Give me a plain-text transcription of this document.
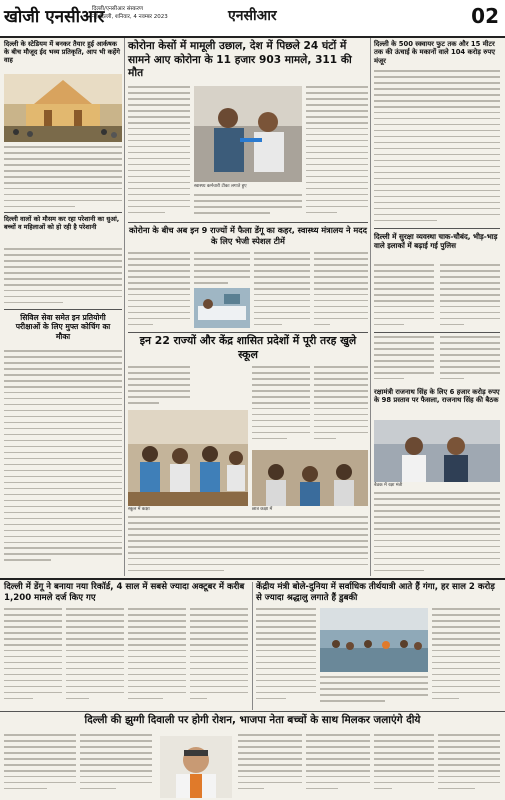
खोजी एनसीआर
दिल्ली/एनसीआर संस्करण
नई दिल्ली, शनिवार, 4 नवम्बर 2023	एनसीआर	02
दिल्ली के स्टेडियम में बनकर तैयार हुई आर्कषक के बीच मौजूद ईद भव्य प्रतिकृति, आप भी कहेंगे वाह
दिल्ली वालों को मौसम कर रहा परेशानी का धुआं, बच्चों व महिलाओं को हो रही है परेशानी
सिविल सेवा समेत इन प्रतियोगी परीक्षाओं के लिए मुफ्त कोचिंग का मौका
कोरोना केसों में मामूली उछाल, देश में पिछले 24 घंटों में सामने आए कोरोना के 11 हजार 903 मामले, 311 की मौत
स्वास्थ्य कर्मचारी टीका लगाते हुए
कोरोना के बीच अब इन 9 राज्यों में फैला डेंगू का कहर, स्वास्थ्य मंत्रालय ने मदद के लिए भेजी स्पेशल टीमें
इन 22 राज्यों और केंद्र शासित प्रदेशों में पूरी तरह खुले स्कूल
स्कूल में कक्षा	छात्र कक्षा में
दिल्ली के 500 स्क्वायर फुट तक और 15 मीटर तक की ऊंचाई के मकानों वाले 104 करोड़ रुपए मंजूर
दिल्ली में सुरक्षा व्यवस्था चाक-चौबंद, भीड़-भाड़ वाले इलाकों में बढ़ाई गई पुलिस
रक्षामंत्री राजनाथ सिंह के लिए 6 हजार करोड़ रुपए के 98 प्रस्ताव पर फैसला, राजनाथ सिंह की बैठक
बैठक में रक्षा मंत्री
दिल्ली में डेंगू ने बनाया नया रिकॉर्ड, 4 साल में सबसे ज्यादा अक्टूबर में करीब 1,200 मामले दर्ज किए गए
केंद्रीय मंत्री बोले-दुनिया में सर्वाधिक तीर्थयात्री आते हैं गंगा, हर साल 2 करोड़ से ज्यादा श्रद्धालु लगाते हैं डुबकी
दिल्ली की झुग्गी दिवाली पर होगी रोशन, भाजपा नेता बच्चों के साथ मिलकर जलाएंगे दीये
